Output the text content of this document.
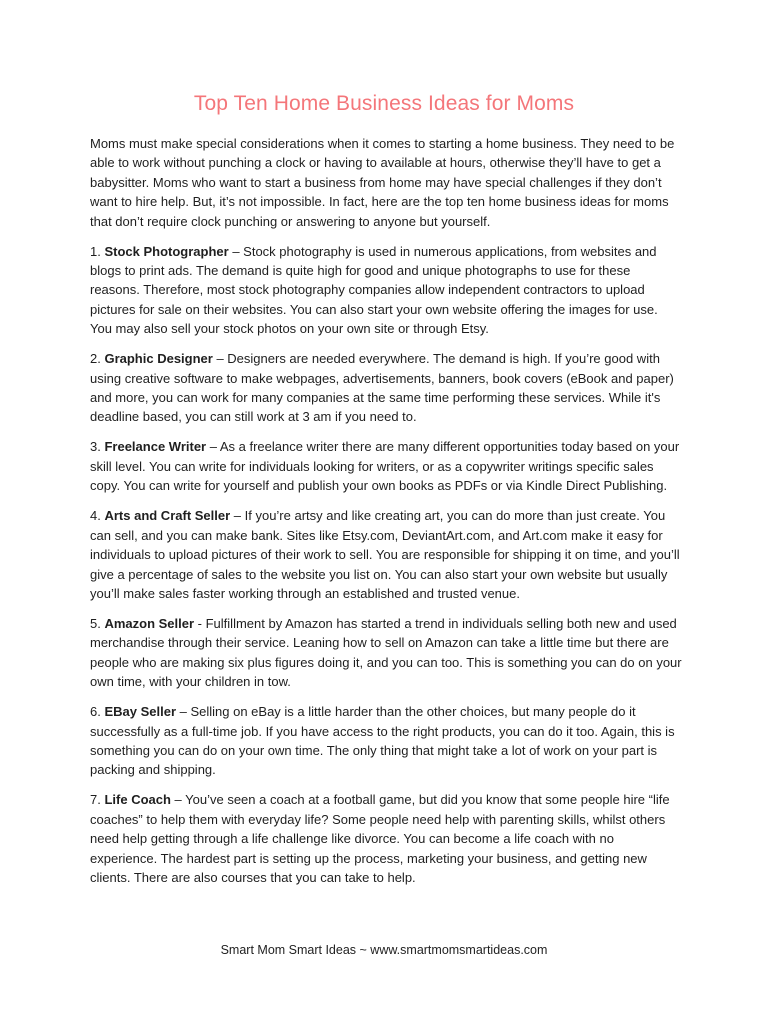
Top Ten Home Business Ideas for Moms

Moms must make special considerations when it comes to starting a home business. They need to be able to work without punching a clock or having to available at hours, otherwise they’ll have to get a babysitter. Moms who want to start a business from home may have special challenges if they don’t want to hire help. But, it’s not impossible. In fact, here are the top ten home business ideas for moms that don’t require clock punching or answering to anyone but yourself.

1. Stock Photographer – Stock photography is used in numerous applications, from websites and blogs to print ads. The demand is quite high for good and unique photographs to use for these reasons. Therefore, most stock photography companies allow independent contractors to upload pictures for sale on their websites. You can also start your own website offering the images for use. You may also sell your stock photos on your own site or through Etsy.

2. Graphic Designer – Designers are needed everywhere. The demand is high. If you’re good with using creative software to make webpages, advertisements, banners, book covers (eBook and paper) and more, you can work for many companies at the same time performing these services. While it's deadline based, you can still work at 3 am if you need to.

3. Freelance Writer – As a freelance writer there are many different opportunities today based on your skill level. You can write for individuals looking for writers, or as a copywriter writings specific sales copy. You can write for yourself and publish your own books as PDFs or via Kindle Direct Publishing.

4. Arts and Craft Seller – If you’re artsy and like creating art, you can do more than just create. You can sell, and you can make bank. Sites like Etsy.com, DeviantArt.com, and Art.com make it easy for individuals to upload pictures of their work to sell. You are responsible for shipping it on time, and you’ll give a percentage of sales to the website you list on. You can also start your own website but usually you’ll make sales faster working through an established and trusted venue.

5. Amazon Seller - Fulfillment by Amazon has started a trend in individuals selling both new and used merchandise through their service. Leaning how to sell on Amazon can take a little time but there are people who are making six plus figures doing it, and you can too. This is something you can do on your own time, with your children in tow.

6. EBay Seller – Selling on eBay is a little harder than the other choices, but many people do it successfully as a full-time job. If you have access to the right products, you can do it too. Again, this is something you can do on your own time. The only thing that might take a lot of work on your part is packing and shipping.

7. Life Coach – You’ve seen a coach at a football game, but did you know that some people hire “life coaches” to help them with everyday life? Some people need help with parenting skills, whilst others need help getting through a life challenge like divorce. You can become a life coach with no experience. The hardest part is setting up the process, marketing your business, and getting new clients. There are also courses that you can take to help.

Smart Mom Smart Ideas ~ www.smartmomsmartideas.com
